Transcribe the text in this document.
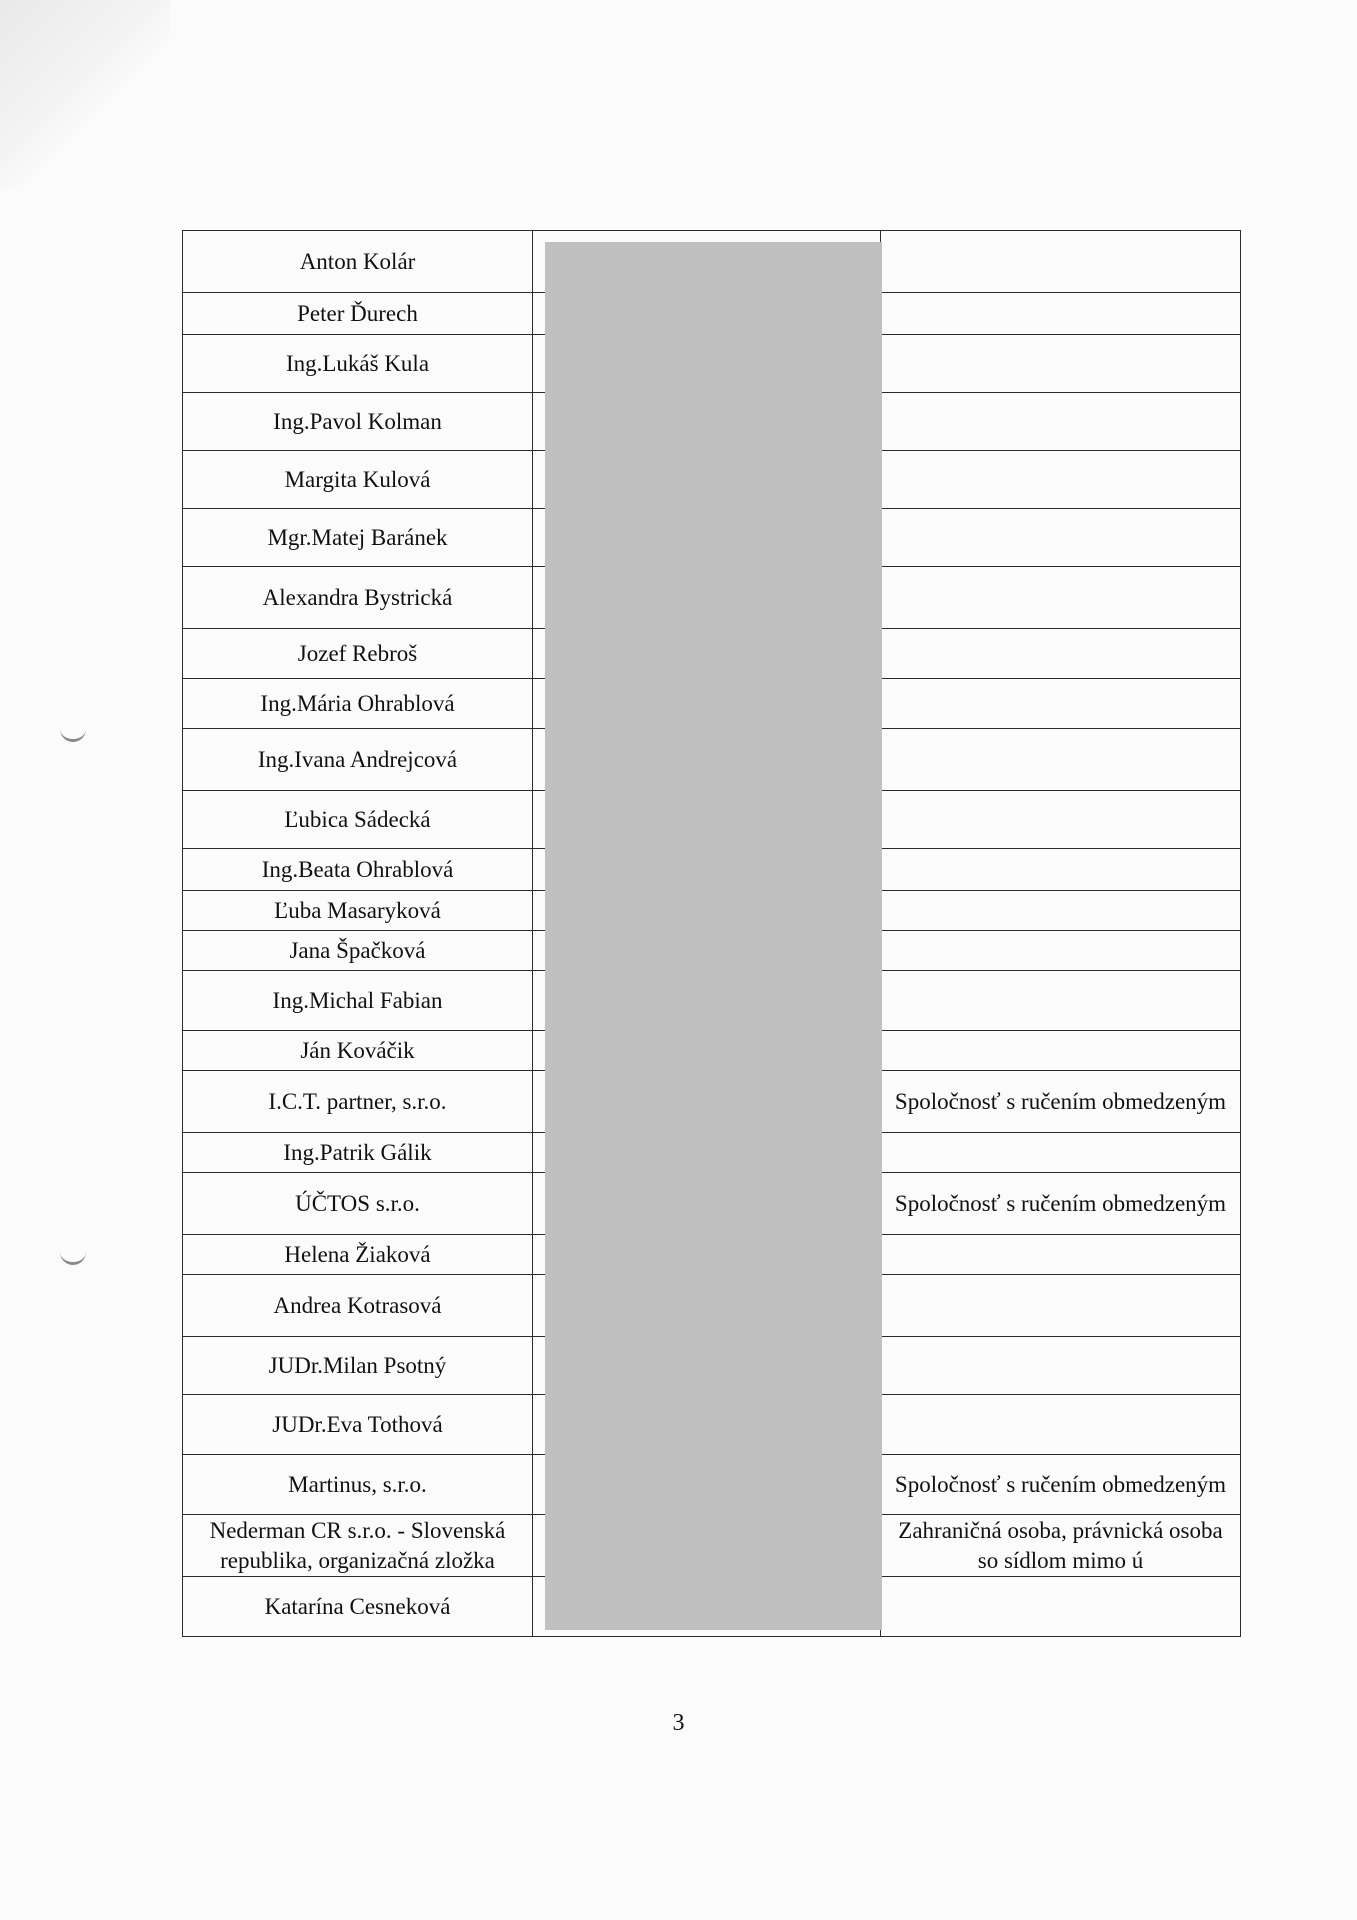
Anton Kolár		
Peter Ďurech		
Ing.Lukáš Kula		
Ing.Pavol Kolman		
Margita Kulová		
Mgr.Matej Baránek		
Alexandra Bystrická		
Jozef Rebroš		
Ing.Mária Ohrablová		
Ing.Ivana Andrejcová		
Ľubica Sádecká		
Ing.Beata Ohrablová		
Ľuba Masaryková		
Jana Špačková		
Ing.Michal Fabian		
Ján Kováčik		
I.C.T. partner, s.r.o.		Spoločnosť s ručením obmedzeným
Ing.Patrik Gálik		
ÚČTOS s.r.o.		Spoločnosť s ručením obmedzeným
Helena Žiaková		
Andrea Kotrasová		
JUDr.Milan Psotný		
JUDr.Eva Tothová		
Martinus, s.r.o.		Spoločnosť s ručením obmedzeným
Nederman CR s.r.o. - Slovenská republika, organizačná zložka		Zahraničná osoba, právnická osoba so sídlom mimo ú
Katarína Cesneková		
3
